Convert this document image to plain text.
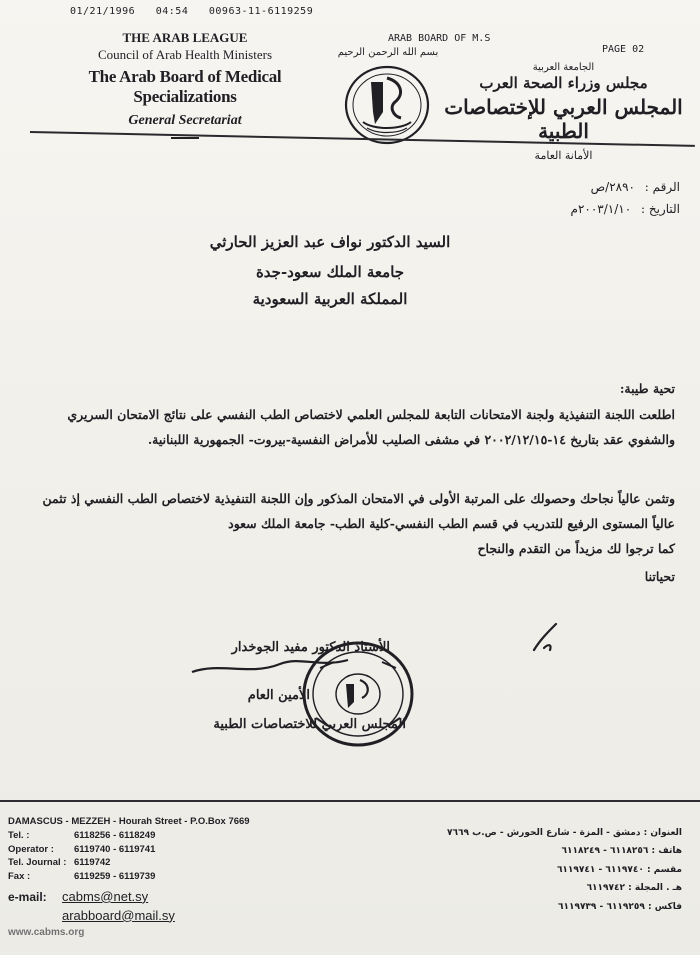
01/21/1996 04:54 00963-11-6119259
ARAB BOARD OF M.S
PAGE 02
THE ARAB LEAGUE
Council of Arab Health Ministers
The Arab Board of Medical Specializations
General Secretariat
بسم الله الرحمن الرحيم
الجامعة العربية
مجلس وزراء الصحة العرب
المجلس العربي للإختصاصات الطبية
الأمانة العامة
الرقم : ٢٨٩٠/ص
التاريخ : ٢٠٠٣/١/١٠م
السيد الدكتور نواف عبد العزيز الحارثي
جامعة الملك سعود-جدة
المملكة العربية السعودية
تحية طيبة:
اطلعت اللجنة التنفيذية ولجنة الامتحانات التابعة للمجلس العلمي لاختصاص الطب النفسي على نتائج الامتحان السريري والشفوي عقد بتاريخ ١٤-٢٠٠٢/١٢/١٥ في مشفى الصليب للأمراض النفسية-بيروت- الجمهورية اللبنانية.
وتثمن عالياً نجاحك وحصولك على المرتبة الأولى في الامتحان المذكور وإن اللجنة التنفيذية لاختصاص الطب النفسي إذ تثمن عالياً المستوى الرفيع للتدريب في قسم الطب النفسي-كلية الطب- جامعة الملك سعود
كما ترجوا لك مزيداً من التقدم والنجاح
تحياتنا
الأستاذ الدكتور مفيد الجوخدار
الأمين العام
المجلس العربي للاختصاصات الطبية
DAMASCUS - MEZZEH - Hourah Street - P.O.Box 7669
Tel. :	6118256 - 6118249
Operator : 6119740 - 6119741
Tel. Journal : 6119742
Fax :	6119259 - 6119739
e-mail: cabms@net.sy
arabboard@mail.sy
www.cabms.org
العنوان : دمشق - المزة - شارع الحورش - ص.ب ٧٦٦٩
هاتف : ٦١١٨٢٥٦ - ٦١١٨٢٤٩
مقسم : ٦١١٩٧٤٠ - ٦١١٩٧٤١
هـ . المجلة : ٦١١٩٧٤٢
فاكس : ٦١١٩٢٥٩ - ٦١١٩٧٣٩
